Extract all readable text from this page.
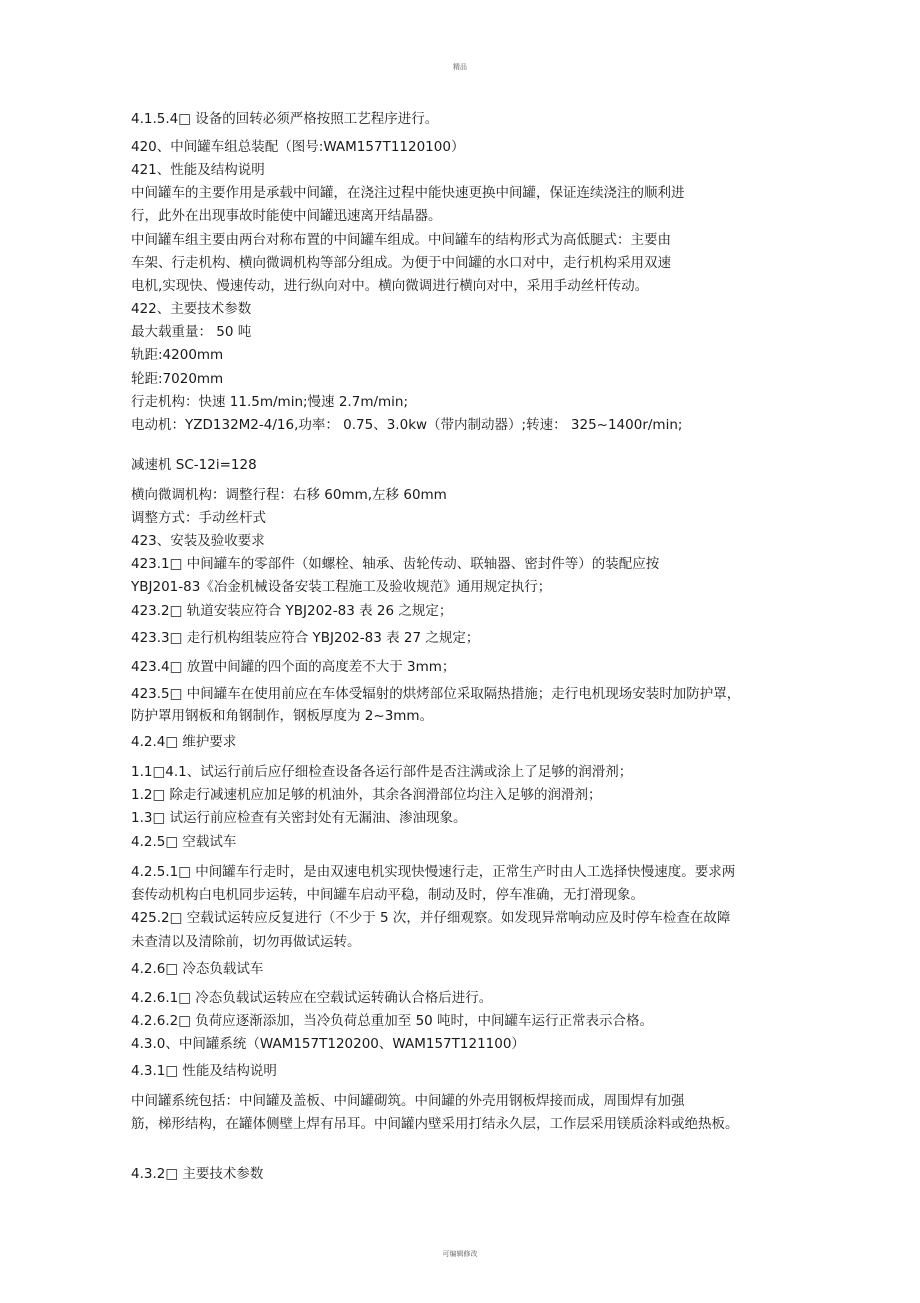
精品
4.1.5.4□ 设备的回转必须严格按照工艺程序进行。
420、中间罐车组总装配（图号:WAM157T1120100）
421、性能及结构说明
中间罐车的主要作用是承载中间罐，在浇注过程中能快速更换中间罐，保证连续浇注的顺利进
行，此外在出现事故时能使中间罐迅速离开结晶器。
中间罐车组主要由两台对称布置的中间罐车组成。中间罐车的结构形式为高低腿式：主要由
车架、行走机构、横向微调机构等部分组成。为便于中间罐的水口对中，走行机构采用双速
电机,实现快、慢速传动，进行纵向对中。横向微调进行横向对中，采用手动丝杆传动。
422、主要技术参数
最大载重量： 50 吨
轨距:4200mm
轮距:7020mm
行走机构：快速 11.5m/min;慢速 2.7m/min;
电动机：YZD132M2-4/16,功率： 0.75、3.0kw（带内制动器）;转速： 325~1400r/min;
减速机 SC-12i=128
横向微调机构：调整行程：右移 60mm,左移 60mm
调整方式：手动丝杆式
423、安装及验收要求
423.1□ 中间罐车的零部件（如螺栓、轴承、齿轮传动、联轴器、密封件等）的装配应按
YBJ201-83《冶金机械设备安装工程施工及验收规范》通用规定执行；
423.2□ 轨道安装应符合 YBJ202-83 表 26 之规定；
423.3□ 走行机构组装应符合 YBJ202-83 表 27 之规定；
423.4□ 放置中间罐的四个面的高度差不大于 3mm；
423.5□ 中间罐车在使用前应在车体受辐射的烘烤部位采取隔热措施；走行电机现场安装时加防护罩，
防护罩用钢板和角钢制作，钢板厚度为 2~3mm。
4.2.4□ 维护要求
1.1□4.1、试运行前后应仔细检查设备各运行部件是否注满或涂上了足够的润滑剂；
1.2□ 除走行减速机应加足够的机油外，其余各润滑部位均注入足够的润滑剂；
1.3□ 试运行前应检查有关密封处有无漏油、渗油现象。
4.2.5□ 空载试车
4.2.5.1□ 中间罐车行走时，是由双速电机实现快慢速行走，正常生产时由人工选择快慢速度。要求两
套传动机构白电机同步运转，中间罐车启动平稳，制动及时，停车准确，无打滑现象。
425.2□ 空载试运转应反复进行（不少于 5 次，并仔细观察。如发现异常响动应及时停车检查在故障
未查清以及清除前，切勿再做试运转。
4.2.6□ 冷态负载试车
4.2.6.1□ 冷态负载试运转应在空载试运转确认合格后进行。
4.2.6.2□ 负荷应逐渐添加，当冷负荷总重加至 50 吨时，中间罐车运行正常表示合格。
4.3.0、中间罐系统（WAM157T120200、WAM157T121100）
4.3.1□ 性能及结构说明
中间罐系统包括：中间罐及盖板、中间罐砌筑。中间罐的外壳用钢板焊接而成，周围焊有加强
筋，梯形结构，在罐体侧壁上焊有吊耳。中间罐内壁采用打结永久层，工作层采用镁质涂料或绝热板。
4.3.2□ 主要技术参数
可编辑修改
